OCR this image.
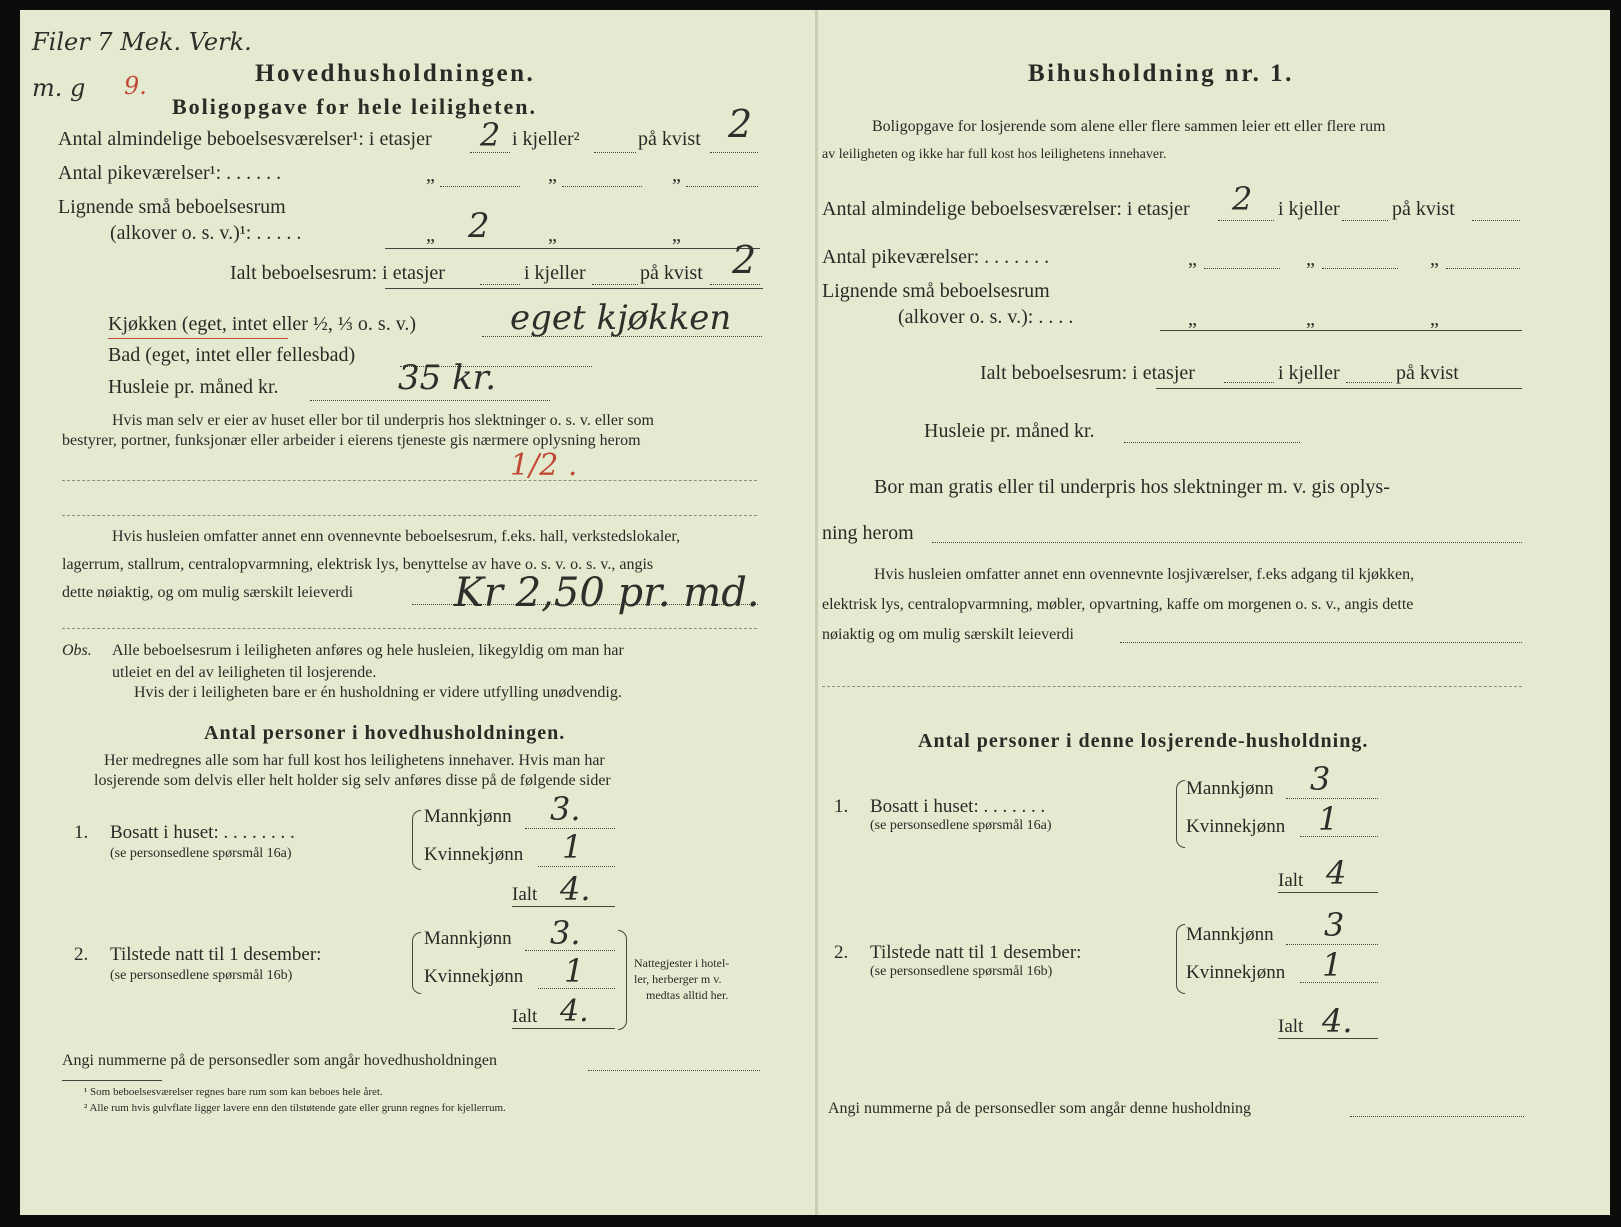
Filer 7 Mek. Verk.
m. g 9.	Hovedhusholdningen.
Boligopgave for hele leiligheten.
Antal almindelige beboelsesværelser¹: i etasjer 2 i kjeller²	på kvist 2
Antal pikeværelser¹: . . . . . .	„	„	„
Lignende små beboelsesrum
(alkover o. s. v.)¹: . . . . .	„ 2	„	„
Ialt beboelsesrum: i etasjer	i kjeller	på kvist 2
Kjøkken (eget, intet eller ½, ⅓ o. s. v.)	eget kjøkken
Bad (eget, intet eller fellesbad)
Husleie pr. måned kr.	35 kr.
Hvis man selv er eier av huset eller bor til underpris hos slektninger o. s. v. eller som
bestyrer, portner, funksjonær eller arbeider i eierens tjeneste gis nærmere oplysning herom
1/2 .
Hvis husleien omfatter annet enn ovennevnte beboelsesrum, f.eks. hall, verkstedslokaler,
lagerrum, stallrum, centralopvarmning, elektrisk lys, benyttelse av have o. s. v. o. s. v., angis
dette nøiaktig, og om mulig særskilt leieverdi	Kr 2,50 pr. md.
Obs. Alle beboelsesrum i leiligheten anføres og hele husleien, likegyldig om man har
utleiet en del av leiligheten til losjerende.
Hvis der i leiligheten bare er én husholdning er videre utfylling unødvendig.
Antal personer i hovedhusholdningen.
Her medregnes alle som har full kost hos leilighetens innehaver. Hvis man har
losjerende som delvis eller helt holder sig selv anføres disse på de følgende sider
1. Bosatt i huset: . . . . . . . .
(se personsedlene spørsmål 16a)
Mannkjønn 3.
Kvinnekjønn 1
Ialt 4.
2. Tilstede natt til 1 desember:
(se personsedlene spørsmål 16b)
Mannkjønn 3.
Kvinnekjønn 1
Ialt 4.
Nattegjester i hotel-
ler, herberger m v.
medtas alltid her.
Angi nummerne på de personsedler som angår hovedhusholdningen
¹ Som beboelsesværelser regnes bare rum som kan beboes hele året.
² Alle rum hvis gulvflate ligger lavere enn den tilstøtende gate eller grunn regnes for kjellerrum.
Bihusholdning nr. 1.
Boligopgave for losjerende som alene eller flere sammen leier ett eller flere rum
av leiligheten og ikke har full kost hos leilighetens innehaver.
Antal almindelige beboelsesværelser: i etasjer 2 i kjeller	på kvist
Antal pikeværelser: . . . . . . .	„	„	„
Lignende små beboelsesrum
(alkover o. s. v.): . . . .	„	„	„
Ialt beboelsesrum: i etasjer	i kjeller	på kvist
Husleie pr. måned kr.
Bor man gratis eller til underpris hos slektninger m. v. gis oplys-
ning herom
Hvis husleien omfatter annet enn ovennevnte losjiværelser, f.eks adgang til kjøkken,
elektrisk lys, centralopvarmning, møbler, opvartning, kaffe om morgenen o. s. v., angis dette
nøiaktig og om mulig særskilt leieverdi
Antal personer i denne losjerende-husholdning.
1. Bosatt i huset: . . . . . . .
(se personsedlene spørsmål 16a)
Mannkjønn 3
Kvinnekjønn 1
Ialt 4
2. Tilstede natt til 1 desember:
(se personsedlene spørsmål 16b)
Mannkjønn 3
Kvinnekjønn 1
Ialt 4.
Angi nummerne på de personsedler som angår denne husholdning
